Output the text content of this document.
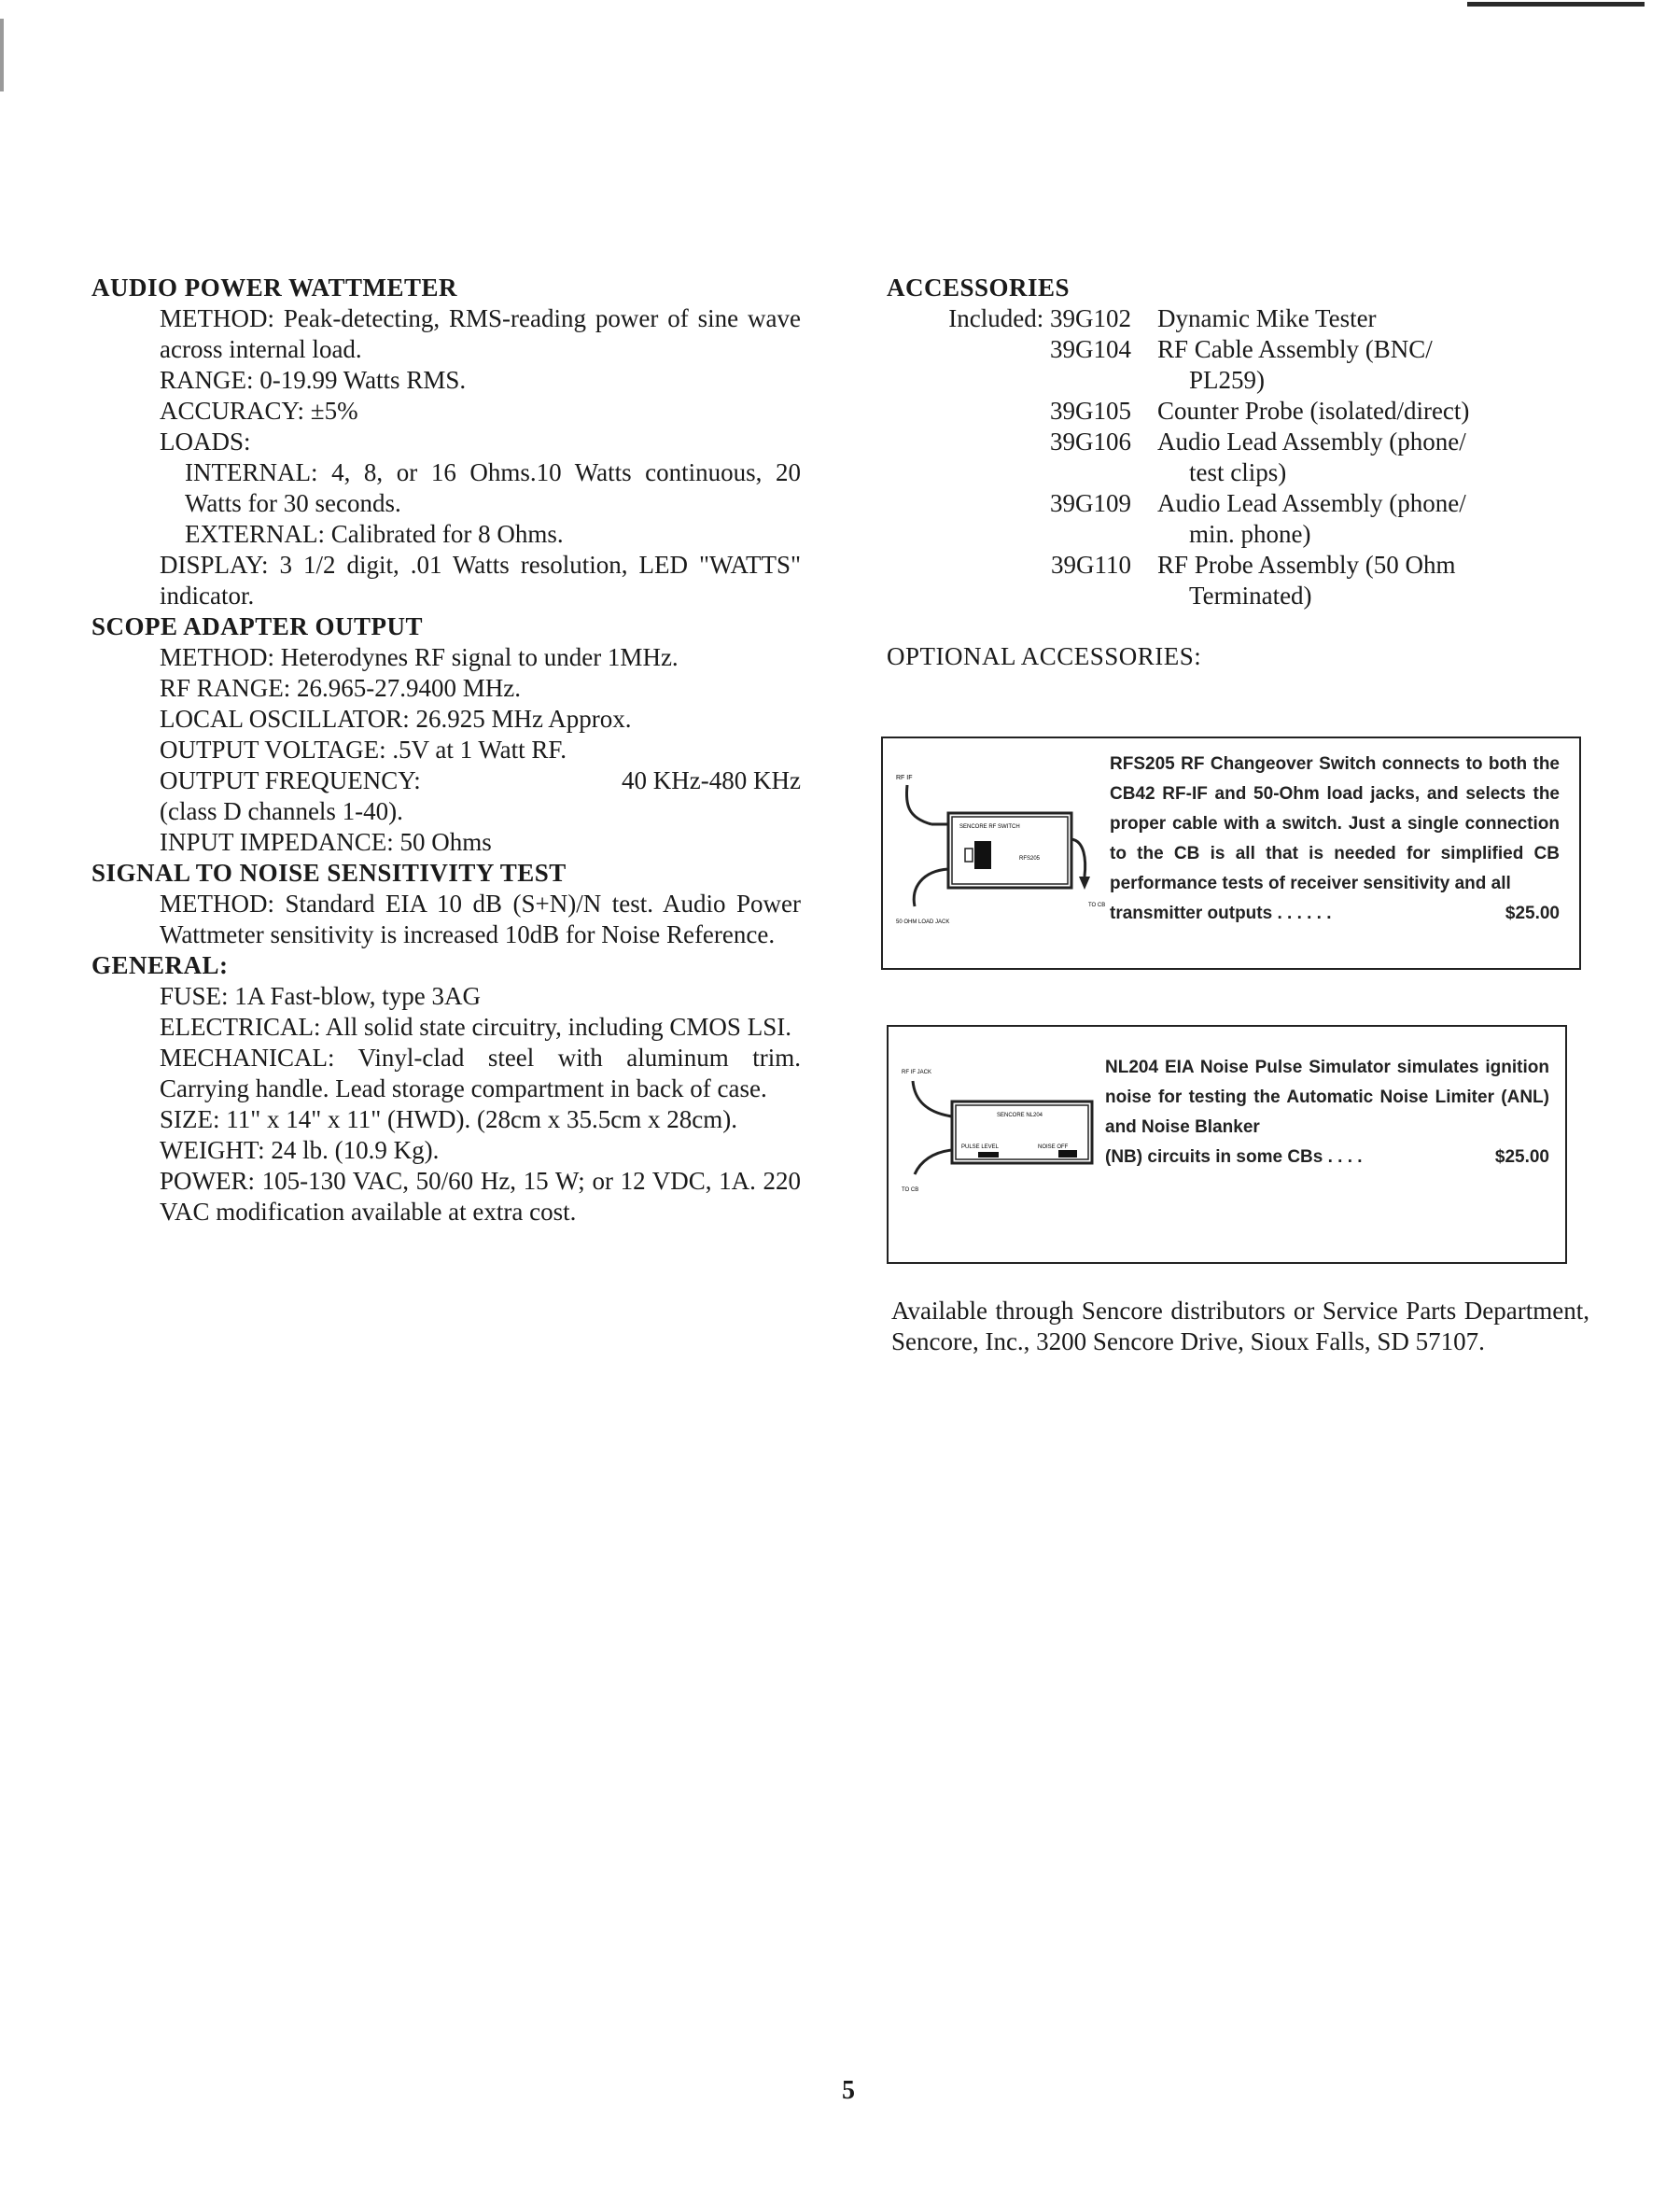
AUDIO POWER WATTMETER
METHOD: Peak-detecting, RMS-reading power of sine wave across internal load.
RANGE: 0-19.99 Watts RMS.
ACCURACY: ±5%
LOADS:
INTERNAL: 4, 8, or 16 Ohms.10 Watts continuous, 20 Watts for 30 seconds.
EXTERNAL: Calibrated for 8 Ohms.
DISPLAY: 3 1/2 digit, .01 Watts resolution, LED "WATTS" indicator.
SCOPE ADAPTER OUTPUT
METHOD: Heterodynes RF signal to under 1MHz.
RF RANGE: 26.965-27.9400 MHz.
LOCAL OSCILLATOR: 26.925 MHz Approx.
OUTPUT VOLTAGE: .5V at 1 Watt RF.
OUTPUT FREQUENCY:	40 KHz-480 KHz
(class D channels 1-40).
INPUT IMPEDANCE: 50 Ohms
SIGNAL TO NOISE SENSITIVITY TEST
METHOD: Standard EIA 10 dB (S+N)/N test. Audio Power Wattmeter sensitivity is increased 10dB for Noise Reference.
GENERAL:
FUSE: 1A Fast-blow, type 3AG
ELECTRICAL: All solid state circuitry, including CMOS LSI.
MECHANICAL: Vinyl-clad steel with aluminum trim. Carrying handle. Lead storage compartment in back of case.
SIZE: 11" x 14" x 11" (HWD). (28cm x 35.5cm x 28cm).
WEIGHT: 24 lb. (10.9 Kg).
POWER: 105-130 VAC, 50/60 Hz, 15 W; or 12 VDC, 1A. 220 VAC modification available at extra cost.
ACCESSORIES
Included: 39G102	Dynamic Mike Tester
39G104	RF Cable Assembly (BNC/
PL259)
39G105	Counter Probe (isolated/direct)
39G106	Audio Lead Assembly (phone/
test clips)
39G109	Audio Lead Assembly (phone/
min. phone)
39G110	RF Probe Assembly (50 Ohm
Terminated)
OPTIONAL ACCESSORIES:
RF IF
SENCORE RF SWITCH
RFS205
50 OHM LOAD JACK
TO CB
RFS205 RF Changeover Switch connects to both the CB42 RF-IF and 50-Ohm load jacks, and selects the proper cable with a switch. Just a single connection to the CB is all that is needed for simplified CB performance tests of receiver sensitivity and all
transmitter outputs . . . . . .	$25.00
RF IF JACK
SENCORE NL204
PULSE LEVEL	NOISE OFF
TO CB
NL204 EIA Noise Pulse Simulator simulates ignition noise for testing the Automatic Noise Limiter (ANL) and Noise Blanker
(NB) circuits in some CBs . . . .	$25.00
Available through Sencore distributors or Service Parts Department, Sencore, Inc., 3200 Sencore Drive, Sioux Falls, SD 57107.
5
